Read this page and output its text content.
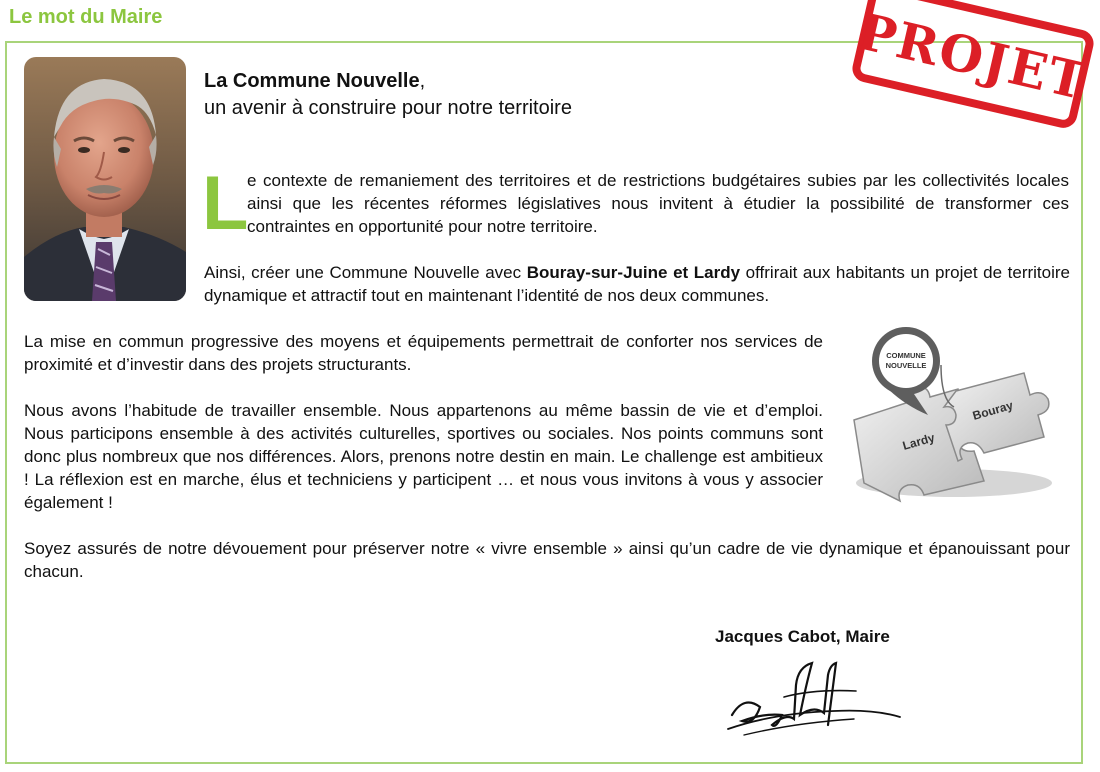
Le mot du Maire
La Commune Nouvelle,
un avenir à construire pour notre territoire
L

e contexte de remaniement des territoires et de restrictions budgétaires subies par les collectivités locales ainsi que les récentes réformes législatives nous invitent à étudier la possibilité de transformer ces contraintes en opportunité pour notre territoire.

Ainsi, créer une Commune Nouvelle avec Bouray-sur-Juine et Lardy offrirait aux habitants un projet de territoire dynamique et attractif tout en maintenant l’identité de nos deux communes.

La mise en commun progressive des moyens et équipements permettrait de conforter nos services de proximité et d’investir dans des projets structurants.

Nous avons l’habitude de travailler ensemble. Nous appartenons au même bassin de vie et d’emploi. Nous participons ensemble à des activités culturelles, sportives ou sociales. Nos points communs sont donc plus nombreux que nos différences. Alors, prenons notre destin en main. Le challenge est ambitieux ! La réflexion est en marche, élus et techniciens y participent … et nous vous invitons à vous y associer également !

Soyez assurés de notre dévouement pour préserver notre « vivre ensemble » ainsi qu’un cadre de vie dynamique et épanouissant pour chacun.

PROJET
COMMUNE
NOUVELLE
Lardy
Bouray
Jacques Cabot, Maire
